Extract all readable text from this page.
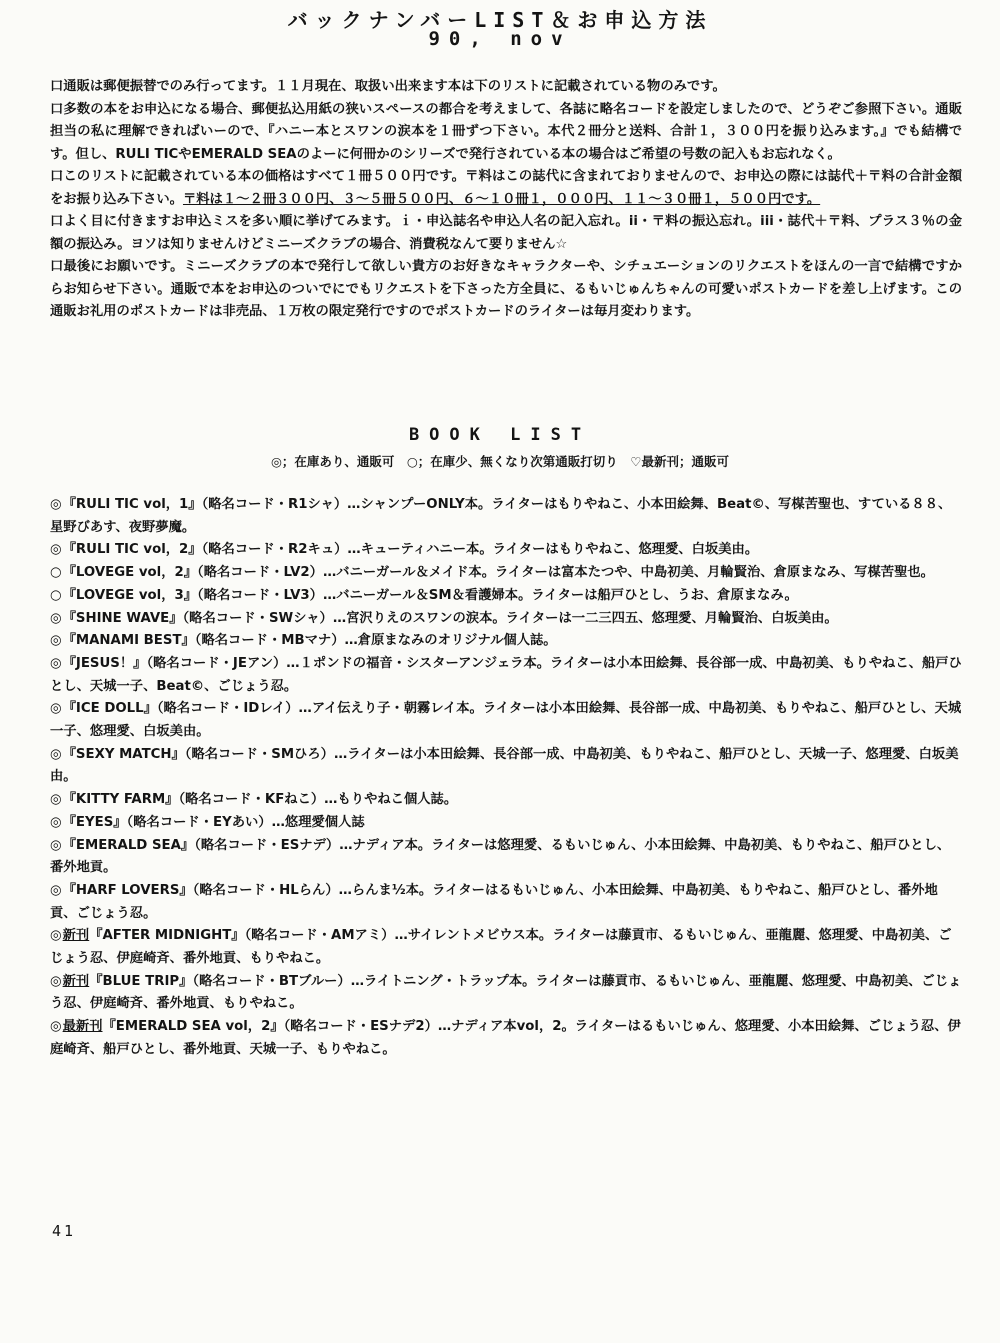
バックナンバーLIST＆お申込方法
90, nov

口通販は郵便振替でのみ行ってます。１１月現在、取扱い出来ます本は下のリストに記載されている物のみです。

口多数の本をお申込になる場合、郵便払込用紙の狭いスペースの都合を考えまして、各誌に略名コードを設定しましたので、どうぞご参照下さい。通販担当の私に理解できればいーので、『ハニー本とスワンの涙本を１冊ずつ下さい。本代２冊分と送料、合計１，３００円を振り込みます。』でも結構です。但し、RULI TICやEMERALD SEAのよーに何冊かのシリーズで発行されている本の場合はご希望の号数の記入もお忘れなく。

口このリストに記載されている本の価格はすべて１冊５００円です。〒料はこの誌代に含まれておりませんので、お申込の際には誌代＋〒料の合計金額をお振り込み下さい。〒料は１～２冊３００円、３～５冊５００円、６～１０冊１，０００円、１１～３０冊１，５００円です。

口よく目に付きますお申込ミスを多い順に挙げてみます。ｉ・申込誌名や申込人名の記入忘れ。ii・〒料の振込忘れ。iii・誌代＋〒料、プラス３％の金額の振込み。ヨソは知りませんけどミニーズクラブの場合、消費税なんて要りません☆

口最後にお願いです。ミニーズクラブの本で発行して欲しい貴方のお好きなキャラクターや、シチュエーションのリクエストをほんの一言で結構ですからお知らせ下さい。通販で本をお申込のついでにでもリクエストを下さった方全員に、るもいじゅんちゃんの可愛いポストカードを差し上げます。この通販お礼用のポストカードは非売品、１万枚の限定発行ですのでポストカードのライターは毎月変わります。

BOOK LIST
◎；在庫あり、通販可　○；在庫少、無くなり次第通販打切り　♡最新刊；通販可

◎『RULI TIC vol，1』（略名コード・R1シャ）…シャンプーONLY本。ライターはもりやねこ、小本田絵舞、Beat©、写楳苦聖也、すている８８、星野びあす、夜野夢魔。

◎『RULI TIC vol，2』（略名コード・R2キュ）…キューティハニー本。ライターはもりやねこ、悠理愛、白坂美由。

○『LOVEGE vol，2』（略名コード・LV2）…バニーガール＆メイド本。ライターは富本たつや、中島初美、月輪賢治、倉原まなみ、写楳苦聖也。

○『LOVEGE vol，3』（略名コード・LV3）…バニーガール＆SM＆看護婦本。ライターは船戸ひとし、うお、倉原まなみ。

◎『SHINE WAVE』（略名コード・SWシャ）…宮沢りえのスワンの涙本。ライターは一二三四五、悠理愛、月輪賢治、白坂美由。

◎『MANAMI BEST』（略名コード・MBマナ）…倉原まなみのオリジナル個人誌。

◎『JESUS！』（略名コード・JEアン）…１ポンドの福音・シスターアンジェラ本。ライターは小本田絵舞、長谷部一成、中島初美、もりやねこ、船戸ひとし、天城一子、Beat©、ごじょう忍。

◎『ICE DOLL』（略名コード・IDレイ）…アイ伝えり子・朝霧レイ本。ライターは小本田絵舞、長谷部一成、中島初美、もりやねこ、船戸ひとし、天城一子、悠理愛、白坂美由。

◎『SEXY MATCH』（略名コード・SMひろ）…ライターは小本田絵舞、長谷部一成、中島初美、もりやねこ、船戸ひとし、天城一子、悠理愛、白坂美由。

◎『KITTY FARM』（略名コード・KFねこ）…もりやねこ個人誌。

◎『EYES』（略名コード・EYあい）…悠理愛個人誌

◎『EMERALD SEA』（略名コード・ESナデ）…ナディア本。ライターは悠理愛、るもいじゅん、小本田絵舞、中島初美、もりやねこ、船戸ひとし、番外地貢。

◎『HARF LOVERS』（略名コード・HLらん）…らんま½本。ライターはるもいじゅん、小本田絵舞、中島初美、もりやねこ、船戸ひとし、番外地貢、ごじょう忍。

◎新刊『AFTER MIDNIGHT』（略名コード・AMアミ）…サイレントメビウス本。ライターは藤貢市、るもいじゅん、亜龍麗、悠理愛、中島初美、ごじょう忍、伊庭崎斉、番外地貢、もりやねこ。

◎新刊『BLUE TRIP』（略名コード・BTブルー）…ライトニング・トラップ本。ライターは藤貢市、るもいじゅん、亜龍麗、悠理愛、中島初美、ごじょう忍、伊庭崎斉、番外地貢、もりやねこ。

◎最新刊『EMERALD SEA vol，2』（略名コード・ESナデ2）…ナディア本vol，2。ライターはるもいじゅん、悠理愛、小本田絵舞、ごじょう忍、伊庭崎斉、船戸ひとし、番外地貢、天城一子、もりやねこ。

41
